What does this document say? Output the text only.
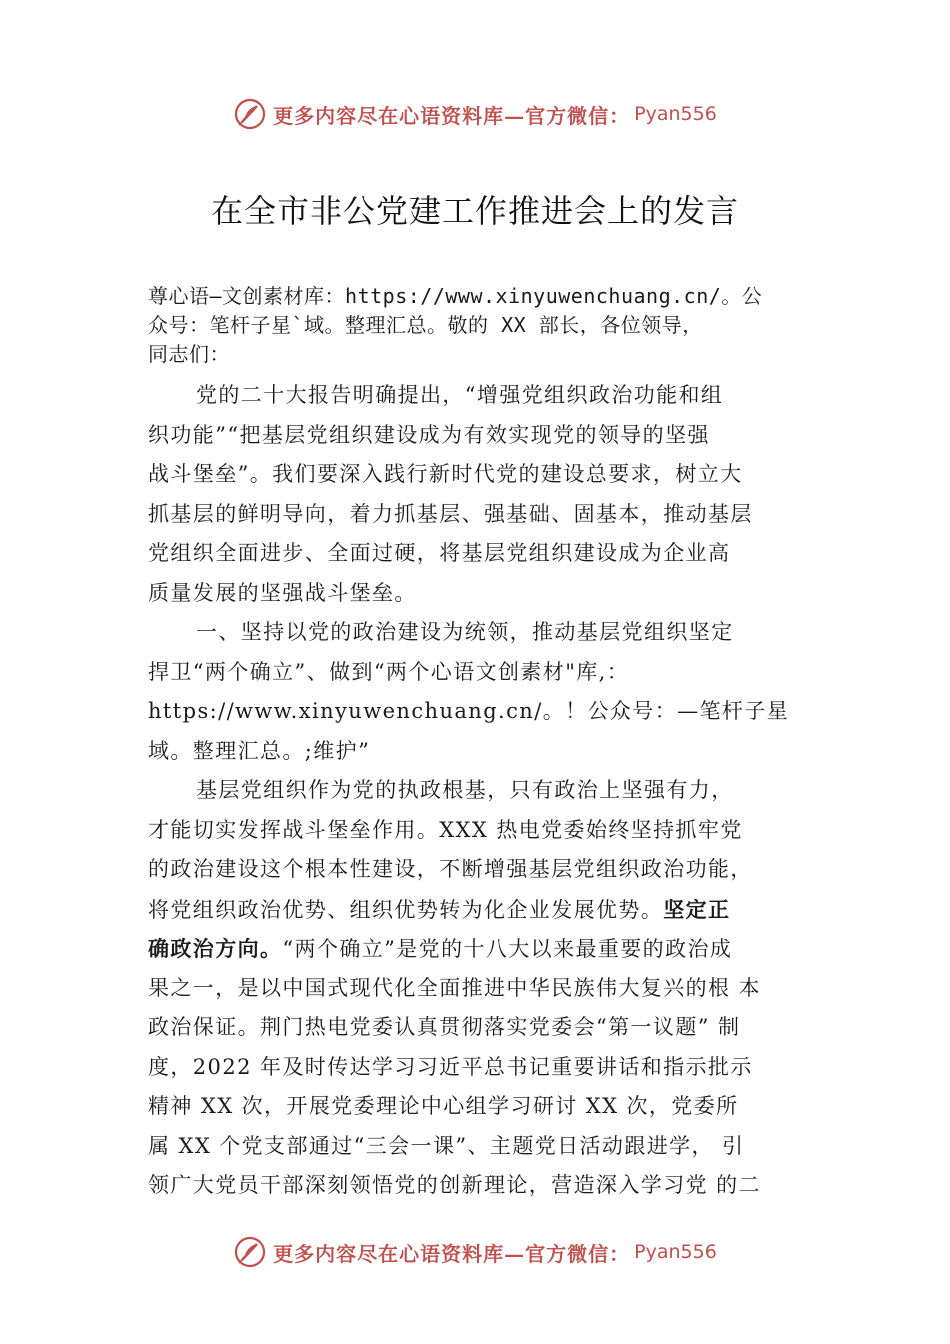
更多内容尽在心语资料库—官方微信： Pyan556
在全市非公党建工作推进会上的发言
尊心语—文创素材库：https://www.xinyuwenchuang.cn/。公
众号：笔杆子星`域。整理汇总。敬的 XX 部长，各位领导，
同志们：
党的二十大报告明确提出，“增强党组织政治功能和组
织功能”“把基层党组织建设成为有效实现党的领导的坚强
战斗堡垒”。我们要深入践行新时代党的建设总要求，树立大
抓基层的鲜明导向，着力抓基层、强基础、固基本，推动基层
党组织全面进步、全面过硬，将基层党组织建设成为企业高
质量发展的坚强战斗堡垒。
一、坚持以党的政治建设为统领，推动基层党组织坚定
捍卫“两个确立”、做到“两个心语文创素材"库,：
https://www.xinyuwenchuang.cn/。！公众号：—笔杆子星
域。整理汇总。;维护”
基层党组织作为党的执政根基，只有政治上坚强有力，
才能切实发挥战斗堡垒作用。XXX 热电党委始终坚持抓牢党
的政治建设这个根本性建设，不断增强基层党组织政治功能，
将党组织政治优势、组织优势转为化企业发展优势。坚定正
确政治方向。“两个确立”是党的十八大以来最重要的政治成
果之一，是以中国式现代化全面推进中华民族伟大复兴的根 本
政治保证。荆门热电党委认真贯彻落实党委会“第一议题” 制
度，2022 年及时传达学习习近平总书记重要讲话和指示批示
精神 XX 次，开展党委理论中心组学习研讨 XX 次，党委所
属 XX 个党支部通过“三会一课”、主题党日活动跟进学， 引
领广大党员干部深刻领悟党的创新理论，营造深入学习党 的二
更多内容尽在心语资料库—官方微信： Pyan556
